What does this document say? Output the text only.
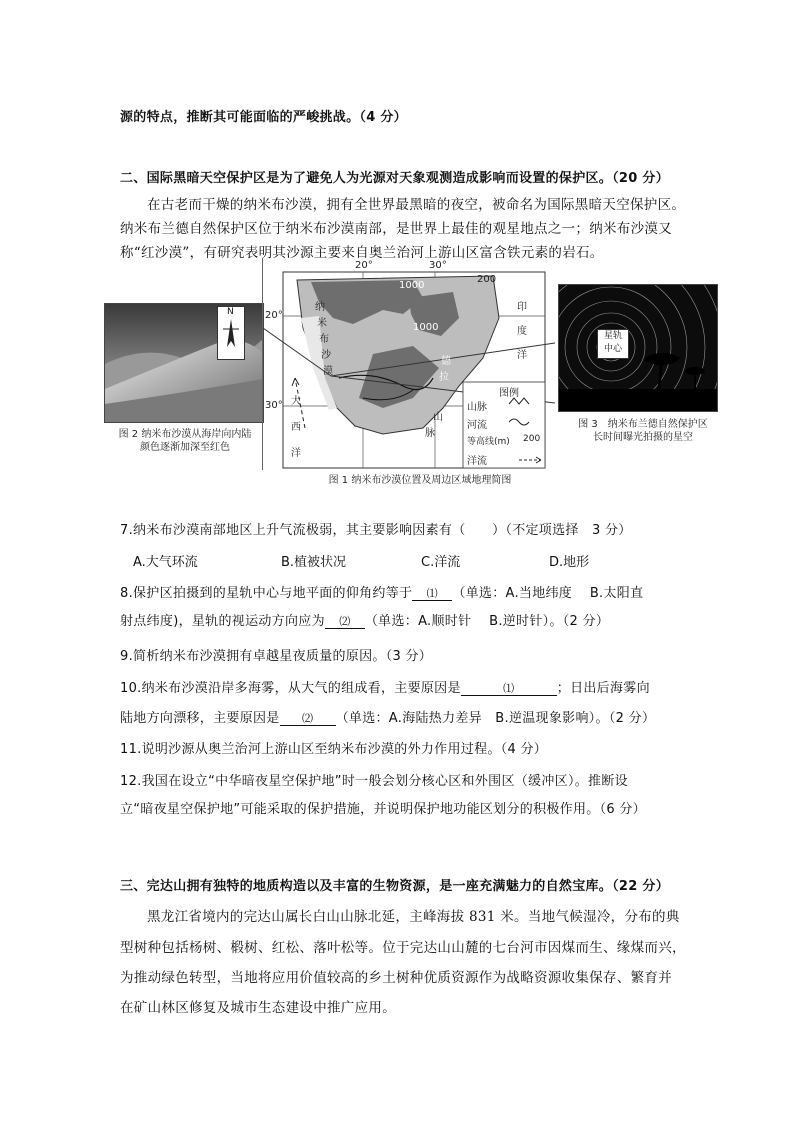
源的特点，推断其可能面临的严峻挑战。（4 分）
二、国际黑暗天空保护区是为了避免人为光源对天象观测造成影响而设置的保护区。（20 分）
在古老而干燥的纳米布沙漠，拥有全世界最黑暗的夜空，被命名为国际黑暗天空保护区。
纳米布兰德自然保护区位于纳米布沙漠南部，是世界上最佳的观星地点之一；纳米布沙漠又
称“红沙漠”，有研究表明其沙源主要来自奥兰治河上游山区富含铁元素的岩石。
N
图 2 纳米布沙漠从海岸向内陆
颜色逐渐加深至红色
20°	30°
20°
30°
1000
1000
200
印
度
洋
大
西
洋
纳
米
布
沙
漠
德
拉
山
脉
图例
山脉
河流
等高线(m) 200
洋流
图 1 纳米布沙漠位置及周边区域地理简图
星轨
中心
图 3　纳米布兰德自然保护区
长时间曝光拍摄的星空
7.纳米布沙漠南部地区上升气流极弱，其主要影响因素有（　　）（不定项选择　3 分）
A.大气环流	B.植被状况	C.洋流	D.地形
8.保护区拍摄到的星轨中心与地平面的仰角约等于 ⑴ （单选：A.当地纬度　 B.太阳直
射点纬度)，星轨的视运动方向应为 ⑵ （单选：A.顺时针　 B.逆时针）。（2 分）
9.简析纳米布沙漠拥有卓越星夜质量的原因。（3 分）
10.纳米布沙漠沿岸多海雾，从大气的组成看，主要原因是	⑴	；日出后海雾向
陆地方向漂移，主要原因是 ⑵ （单选：A.海陆热力差异　B.逆温现象影响）。（2 分）
11.说明沙源从奥兰治河上游山区至纳米布沙漠的外力作用过程。（4 分）
12.我国在设立“中华暗夜星空保护地”时一般会划分核心区和外围区（缓冲区）。推断设
立“暗夜星空保护地”可能采取的保护措施，并说明保护地功能区划分的积极作用。（6 分）
三、完达山拥有独特的地质构造以及丰富的生物资源，是一座充满魅力的自然宝库。（22 分）
黑龙江省境内的完达山属长白山山脉北延，主峰海拔 831 米。当地气候湿冷，分布的典
型树种包括杨树、椴树、红松、落叶松等。位于完达山山麓的七台河市因煤而生、缘煤而兴，
为推动绿色转型，当地将应用价值较高的乡土树种优质资源作为战略资源收集保存、繁育并
在矿山林区修复及城市生态建设中推广应用。
